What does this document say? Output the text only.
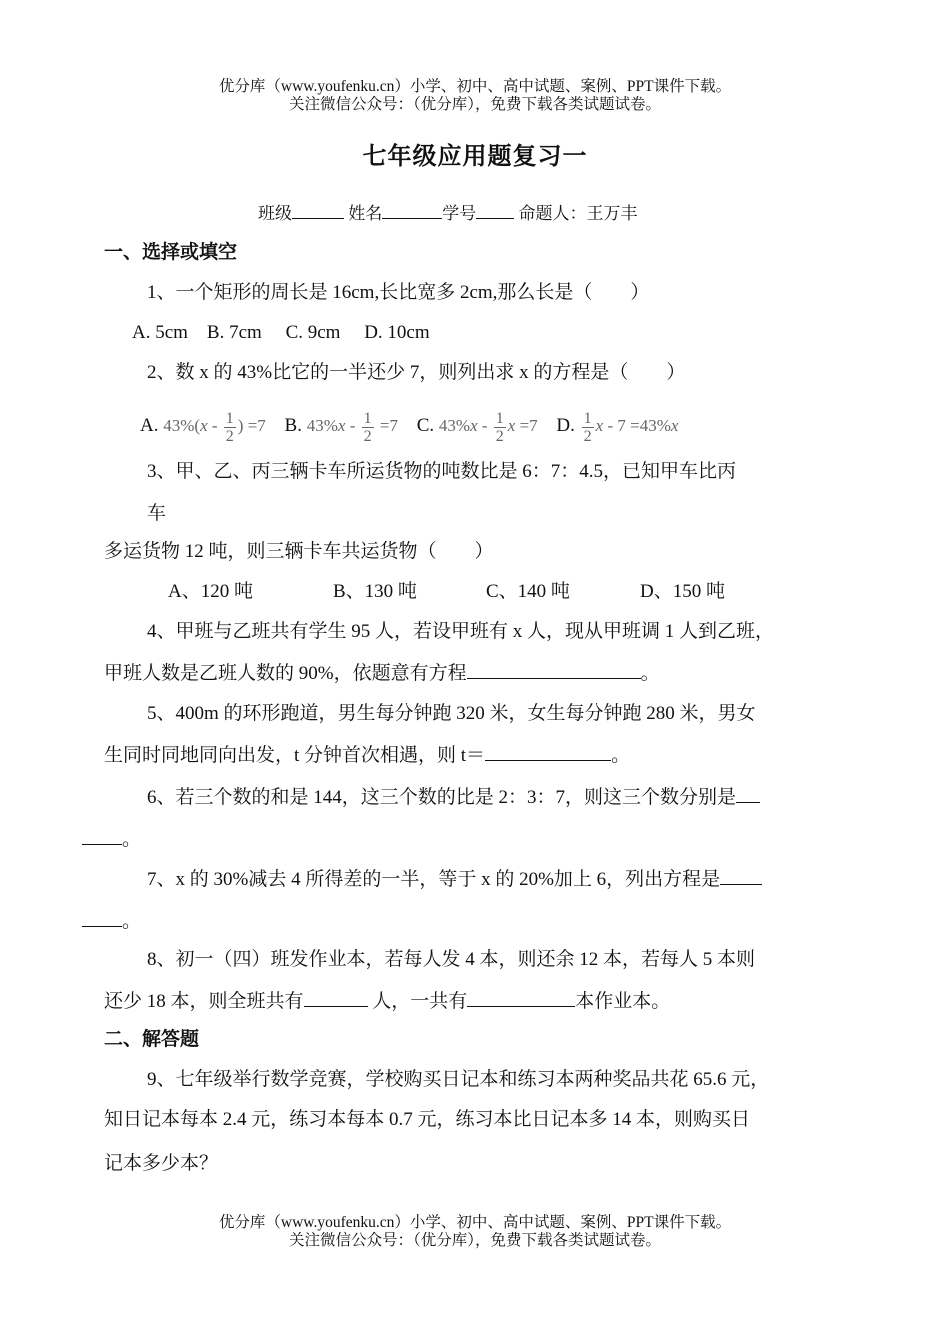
优分库（www.youfenku.cn）小学、初中、高中试题、案例、PPT课件下载。
关注微信公众号：（优分库），免费下载各类试题试卷。
七年级应用题复习一
班级	姓名	学号 命题人：王万丰
一、选择或填空
1、一个矩形的周长是 16cm,长比宽多 2cm,那么长是（　　）
A. 5cm　B. 7cm　 C. 9cm　 D. 10cm
2、数 x 的 43%比它的一半还少 7，则列出求 x 的方程是（　　）
A. $43\%(x - \frac{1}{2}$ ) =7 B. $43\%x - \frac{1}{2} =7$ C. $43\%x - \frac{1}{2}$ x =7 D. $\frac{1}{2}$ x - 7 =43%x
3、甲、乙、丙三辆卡车所运货物的吨数比是 6：7：4.5，已知甲车比丙
车
多运货物 12 吨，则三辆卡车共运货物（　　）
A、120 吨	B、130 吨	C、140 吨	D、150 吨
4、甲班与乙班共有学生 95 人，若设甲班有 x 人，现从甲班调 1 人到乙班，
甲班人数是乙班人数的 90%，依题意有方程	。
5、400m 的环形跑道，男生每分钟跑 320 米，女生每分钟跑 280 米，男女
生同时同地同向出发，t 分钟首次相遇，则 t＝	。
6、若三个数的和是 144，这三个数的比是 2：3：7，则这三个数分别是
。
7、x 的 30%减去 4 所得差的一半，等于 x 的 20%加上 6，列出方程是
。
8、初一（四）班发作业本，若每人发 4 本，则还余 12 本，若每人 5 本则
还少 18 本，则全班共有	人，一共有	本作业本。
二、解答题
9、七年级举行数学竞赛，学校购买日记本和练习本两种奖品共花 65.6 元，
知日记本每本 2.4 元，练习本每本 0.7 元，练习本比日记本多 14 本，则购买日
记本多少本？
优分库（www.youfenku.cn）小学、初中、高中试题、案例、PPT课件下载。
关注微信公众号：（优分库），免费下载各类试题试卷。
